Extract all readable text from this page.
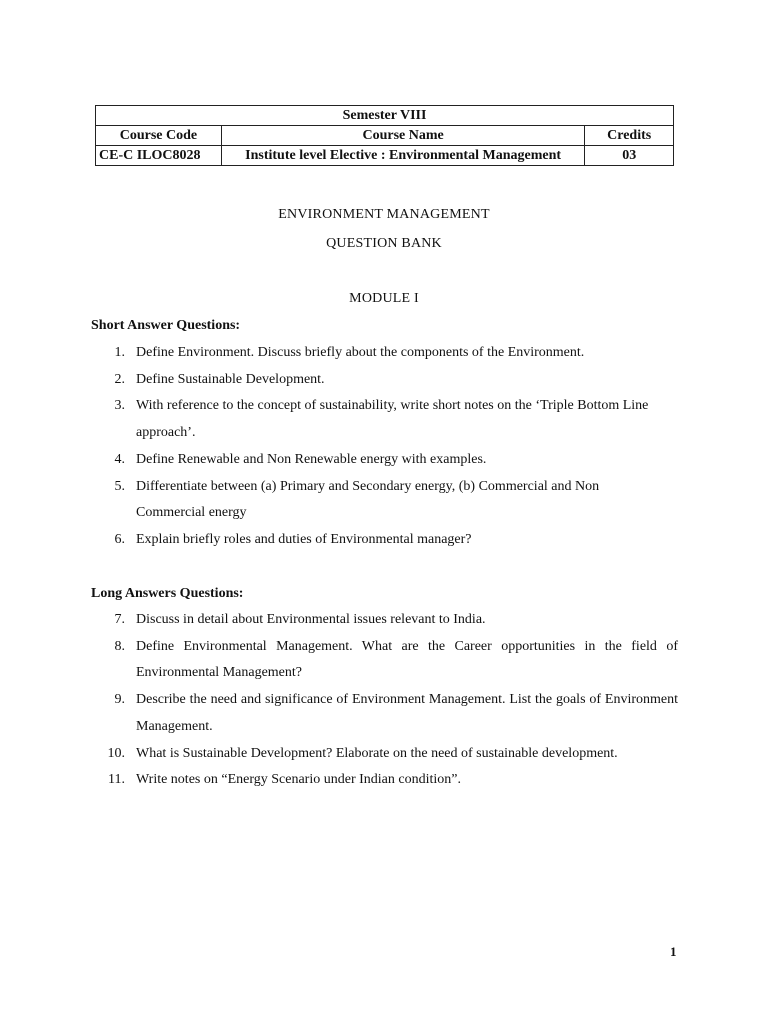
Semester VIII		
Course Code	Course Name	Credits
CE-C ILOC8028	Institute level Elective : Environmental Management	03
ENVIRONMENT MANAGEMENT
QUESTION BANK
MODULE I
Short Answer Questions:
1. Define Environment. Discuss briefly about the components of the Environment.
2. Define Sustainable Development.
3. With reference to the concept of sustainability, write short notes on the ‘Triple Bottom Line approach’.
4. Define Renewable and Non Renewable energy with examples.
5. Differentiate between (a) Primary and Secondary energy, (b) Commercial and Non Commercial energy
6. Explain briefly roles and duties of Environmental manager?
Long Answers Questions:
7. Discuss in detail about Environmental issues relevant to India.
8. Define Environmental Management. What are the Career opportunities in the field of Environmental Management?
9. Describe the need and significance of Environment Management. List the goals of Environment Management.
10. What is Sustainable Development? Elaborate on the need of sustainable development.
11. Write notes on “Energy Scenario under Indian condition”.
1
